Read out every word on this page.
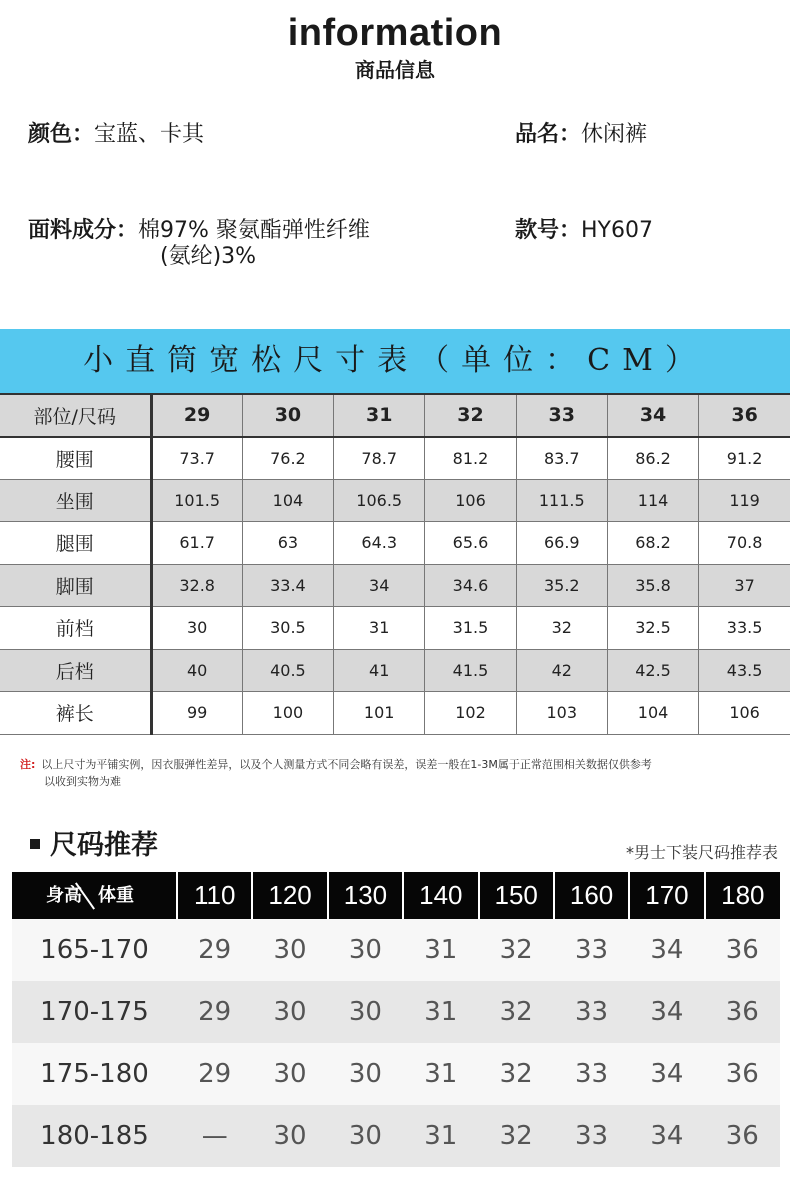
information
商品信息
颜色：宝蓝、卡其	品名：休闲裤
面料成分：棉97% 聚氨酯弹性纤维
(氨纶)3%
款号：HY607
小直筒宽松尺寸表（单位：CM）
部位/尺码	29	30	31	32	33	34	36
腰围	73.7	76.2	78.7	81.2	83.7	86.2	91.2
坐围	101.5	104	106.5	106	111.5	114	119
腿围	61.7	63	64.3	65.6	66.9	68.2	70.8
脚围	32.8	33.4	34	34.6	35.2	35.8	37
前档	30	30.5	31	31.5	32	32.5	33.5
后档	40	40.5	41	41.5	42	42.5	43.5
裤长	99	100	101	102	103	104	106
注: 以上尺寸为平铺实例，因衣服弹性差异，以及个人测量方式不同会略有误差，误差一般在1-3M属于正常范围相关数据仅供参考
以收到实物为难
尺码推荐	*男士下装尺码推荐表
身高 体重	110	120	130	140	150	160	170	180
165-170	29	30	30	31	32	33	34	36
170-175	29	30	30	31	32	33	34	36
175-180	29	30	30	31	32	33	34	36
180-185	—	30	30	31	32	33	34	36
